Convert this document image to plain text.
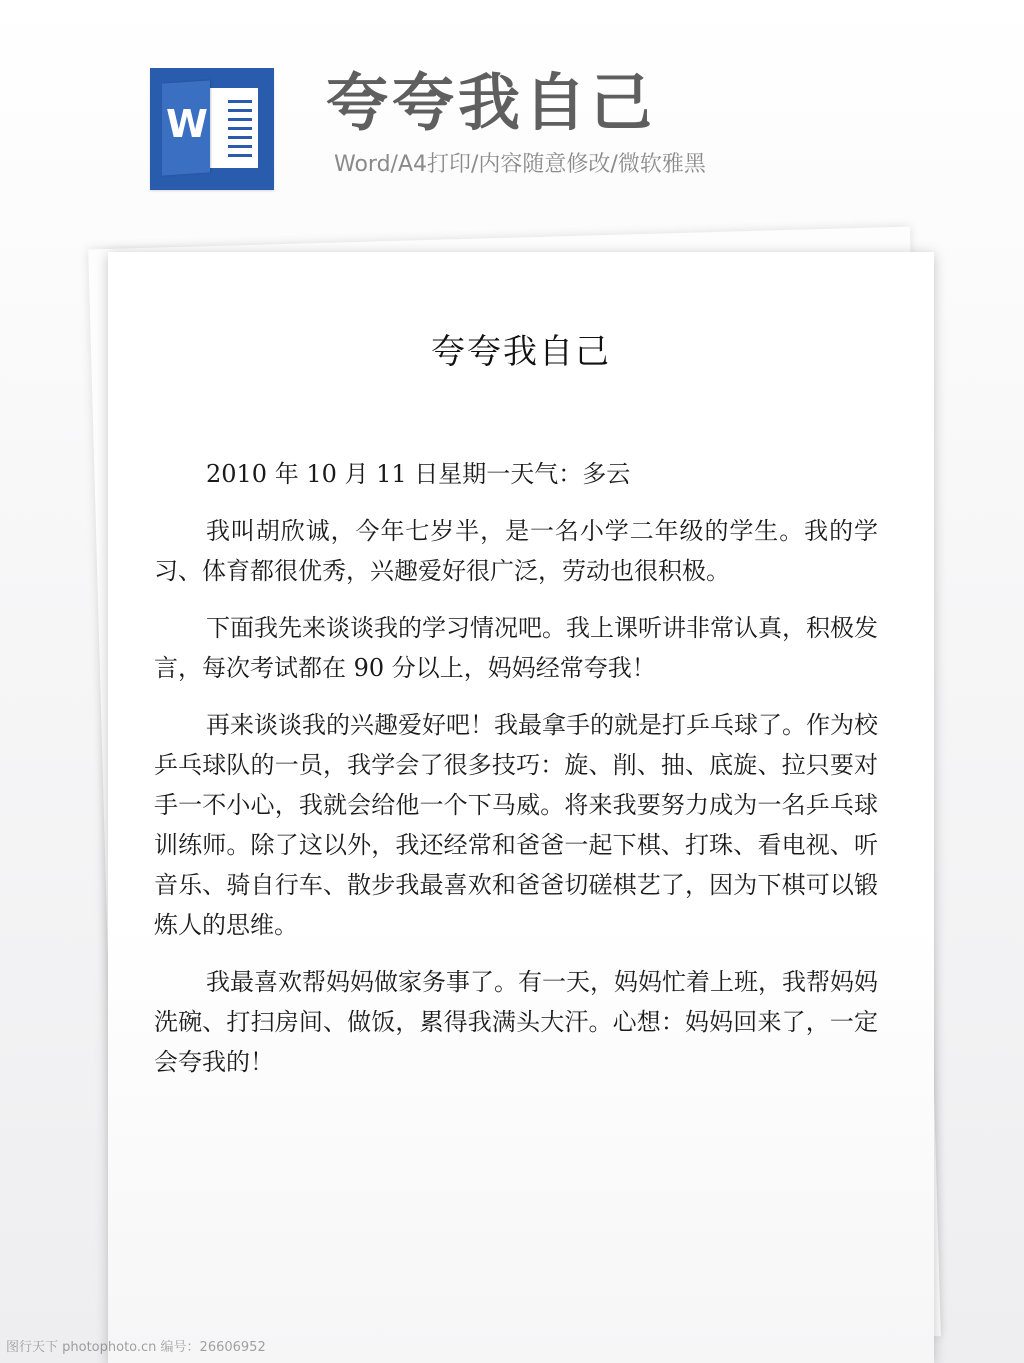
W 夸夸我自己
Word/A4打印/内容随意修改/微软雅黑
夸夸我自己

2010 年 10 月 11 日星期一天气：多云

我叫胡欣诚，今年七岁半，是一名小学二年级的学生。我的学习、体育都很优秀，兴趣爱好很广泛，劳动也很积极。

下面我先来谈谈我的学习情况吧。我上课听讲非常认真，积极发言，每次考试都在 90 分以上，妈妈经常夸我！

再来谈谈我的兴趣爱好吧！我最拿手的就是打乒乓球了。作为校乒乓球队的一员，我学会了很多技巧：旋、削、抽、底旋、拉只要对手一不小心，我就会给他一个下马威。将来我要努力成为一名乒乓球训练师。除了这以外，我还经常和爸爸一起下棋、打珠、看电视、听音乐、骑自行车、散步我最喜欢和爸爸切磋棋艺了，因为下棋可以锻炼人的思维。

我最喜欢帮妈妈做家务事了。有一天，妈妈忙着上班，我帮妈妈洗碗、打扫房间、做饭，累得我满头大汗。心想：妈妈回来了，一定会夸我的！

图行天下 photophoto.cn 编号：26606952
